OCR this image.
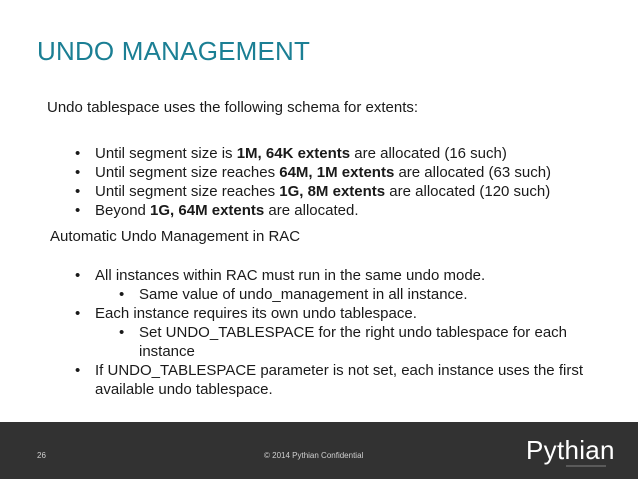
UNDO MANAGEMENT
Undo tablespace uses the following schema for extents:
• Until segment size is 1M, 64K extents are allocated (16 such)
• Until segment size reaches 64M, 1M extents are allocated (63 such)
• Until segment size reaches 1G, 8M extents are allocated (120 such)
• Beyond 1G, 64M extents are allocated.
Automatic Undo Management in RAC
• All instances within RAC must run in the same undo mode.
• Same value of undo_management in all instance.
• Each instance requires its own undo tablespace.
• Set UNDO_TABLESPACE for the right undo tablespace for each instance
• If UNDO_TABLESPACE parameter is not set, each instance uses the first available undo tablespace.
26	© 2014 Pythian Confidential	Pythian
